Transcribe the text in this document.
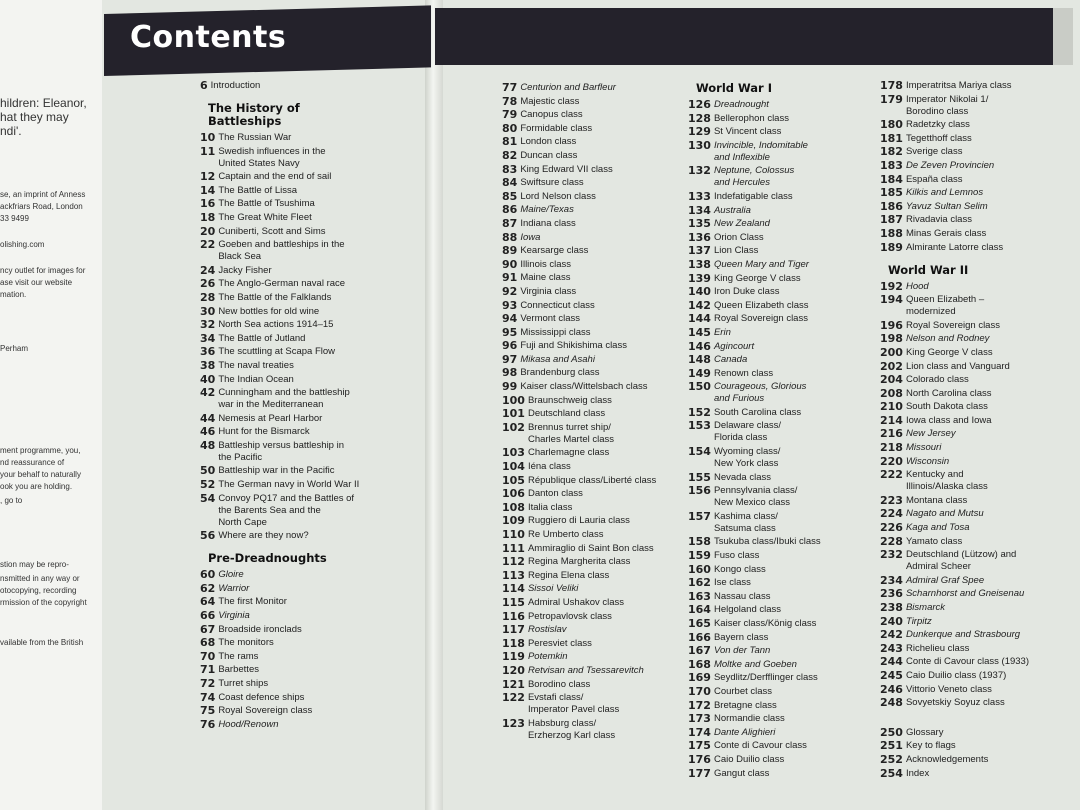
hildren: Eleanor,
hat they may
ndi'.
se, an imprint of Anness
ackfriars Road, London
33 9499
olishing.com
ncy outlet for images for
ase visit our website
mation.
Perham
ment programme, you,
nd reassurance of
your behalf to naturally
ook you are holding.
, go to
stion may be repro-
nsmitted in any way or
otocopying, recording
rmission of the copyright
vailable from the British
Contents
6 Introduction
The History of
Battleships
10 The Russian War
11 Swedish influences in the
United States Navy
12 Captain and the end of sail
14 The Battle of Lissa
16 The Battle of Tsushima
18 The Great White Fleet
20 Cuniberti, Scott and Sims
22 Goeben and battleships in the
Black Sea
24 Jacky Fisher
26 The Anglo-German naval race
28 The Battle of the Falklands
30 New bottles for old wine
32 North Sea actions 1914–15
34 The Battle of Jutland
36 The scuttling at Scapa Flow
38 The naval treaties
40 The Indian Ocean
42 Cunningham and the battleship
war in the Mediterranean
44 Nemesis at Pearl Harbor
46 Hunt for the Bismarck
48 Battleship versus battleship in
the Pacific
50 Battleship war in the Pacific
52 The German navy in World War II
54 Convoy PQ17 and the Battles of
the Barents Sea and the
North Cape
56 Where are they now?
Pre-Dreadnoughts
60 Gloire
62 Warrior
64 The first Monitor
66 Virginia
67 Broadside ironclads
68 The monitors
70 The rams
71 Barbettes
72 Turret ships
74 Coast defence ships
75 Royal Sovereign class
76 Hood/Renown
77 Centurion and Barfleur
78 Majestic class
79 Canopus class
80 Formidable class
81 London class
82 Duncan class
83 King Edward VII class
84 Swiftsure class
85 Lord Nelson class
86 Maine/Texas
87 Indiana class
88 Iowa
89 Kearsarge class
90 Illinois class
91 Maine class
92 Virginia class
93 Connecticut class
94 Vermont class
95 Mississippi class
96 Fuji and Shikishima class
97 Mikasa and Asahi
98 Brandenburg class
99 Kaiser class/Wittelsbach class
100 Braunschweig class
101 Deutschland class
102 Brennus turret ship/
Charles Martel class
103 Charlemagne class
104 Iéna class
105 République class/Liberté class
106 Danton class
108 Italia class
109 Ruggiero di Lauria class
110 Re Umberto class
111 Ammiraglio di Saint Bon class
112 Regina Margherita class
113 Regina Elena class
114 Sissoi Veliki
115 Admiral Ushakov class
116 Petropavlovsk class
117 Rostislav
118 Peresviet class
119 Potemkin
120 Retvisan and Tsessarevitch
121 Borodino class
122 Evstafi class/
Imperator Pavel class
123 Habsburg class/
Erzherzog Karl class
World War I
126 Dreadnought
128 Bellerophon class
129 St Vincent class
130 Invincible, Indomitable
and Inflexible
132 Neptune, Colossus
and Hercules
133 Indefatigable class
134 Australia
135 New Zealand
136 Orion Class
137 Lion Class
138 Queen Mary and Tiger
139 King George V class
140 Iron Duke class
142 Queen Elizabeth class
144 Royal Sovereign class
145 Erin
146 Agincourt
148 Canada
149 Renown class
150 Courageous, Glorious
and Furious
152 South Carolina class
153 Delaware class/
Florida class
154 Wyoming class/
New York class
155 Nevada class
156 Pennsylvania class/
New Mexico class
157 Kashima class/
Satsuma class
158 Tsukuba class/Ibuki class
159 Fuso class
160 Kongo class
162 Ise class
163 Nassau class
164 Helgoland class
165 Kaiser class/König class
166 Bayern class
167 Von der Tann
168 Moltke and Goeben
169 Seydlitz/Derfflinger class
170 Courbet class
172 Bretagne class
173 Normandie class
174 Dante Alighieri
175 Conte di Cavour class
176 Caio Duilio class
177 Gangut class
178 Imperatritsa Mariya class
179 Imperator Nikolai 1/
Borodino class
180 Radetzky class
181 Tegetthoff class
182 Sverige class
183 De Zeven Provincien
184 España class
185 Kilkis and Lemnos
186 Yavuz Sultan Selim
187 Rivadavia class
188 Minas Gerais class
189 Almirante Latorre class
World War II
192 Hood
194 Queen Elizabeth –
modernized
196 Royal Sovereign class
198 Nelson and Rodney
200 King George V class
202 Lion class and Vanguard
204 Colorado class
208 North Carolina class
210 South Dakota class
214 Iowa class and Iowa
216 New Jersey
218 Missouri
220 Wisconsin
222 Kentucky and
Illinois/Alaska class
223 Montana class
224 Nagato and Mutsu
226 Kaga and Tosa
228 Yamato class
232 Deutschland (Lützow) and
Admiral Scheer
234 Admiral Graf Spee
236 Scharnhorst and Gneisenau
238 Bismarck
240 Tirpitz
242 Dunkerque and Strasbourg
243 Richelieu class
244 Conte di Cavour class (1933)
245 Caio Duilio class (1937)
246 Vittorio Veneto class
248 Sovyetskiy Soyuz class
250 Glossary
251 Key to flags
252 Acknowledgements
254 Index
